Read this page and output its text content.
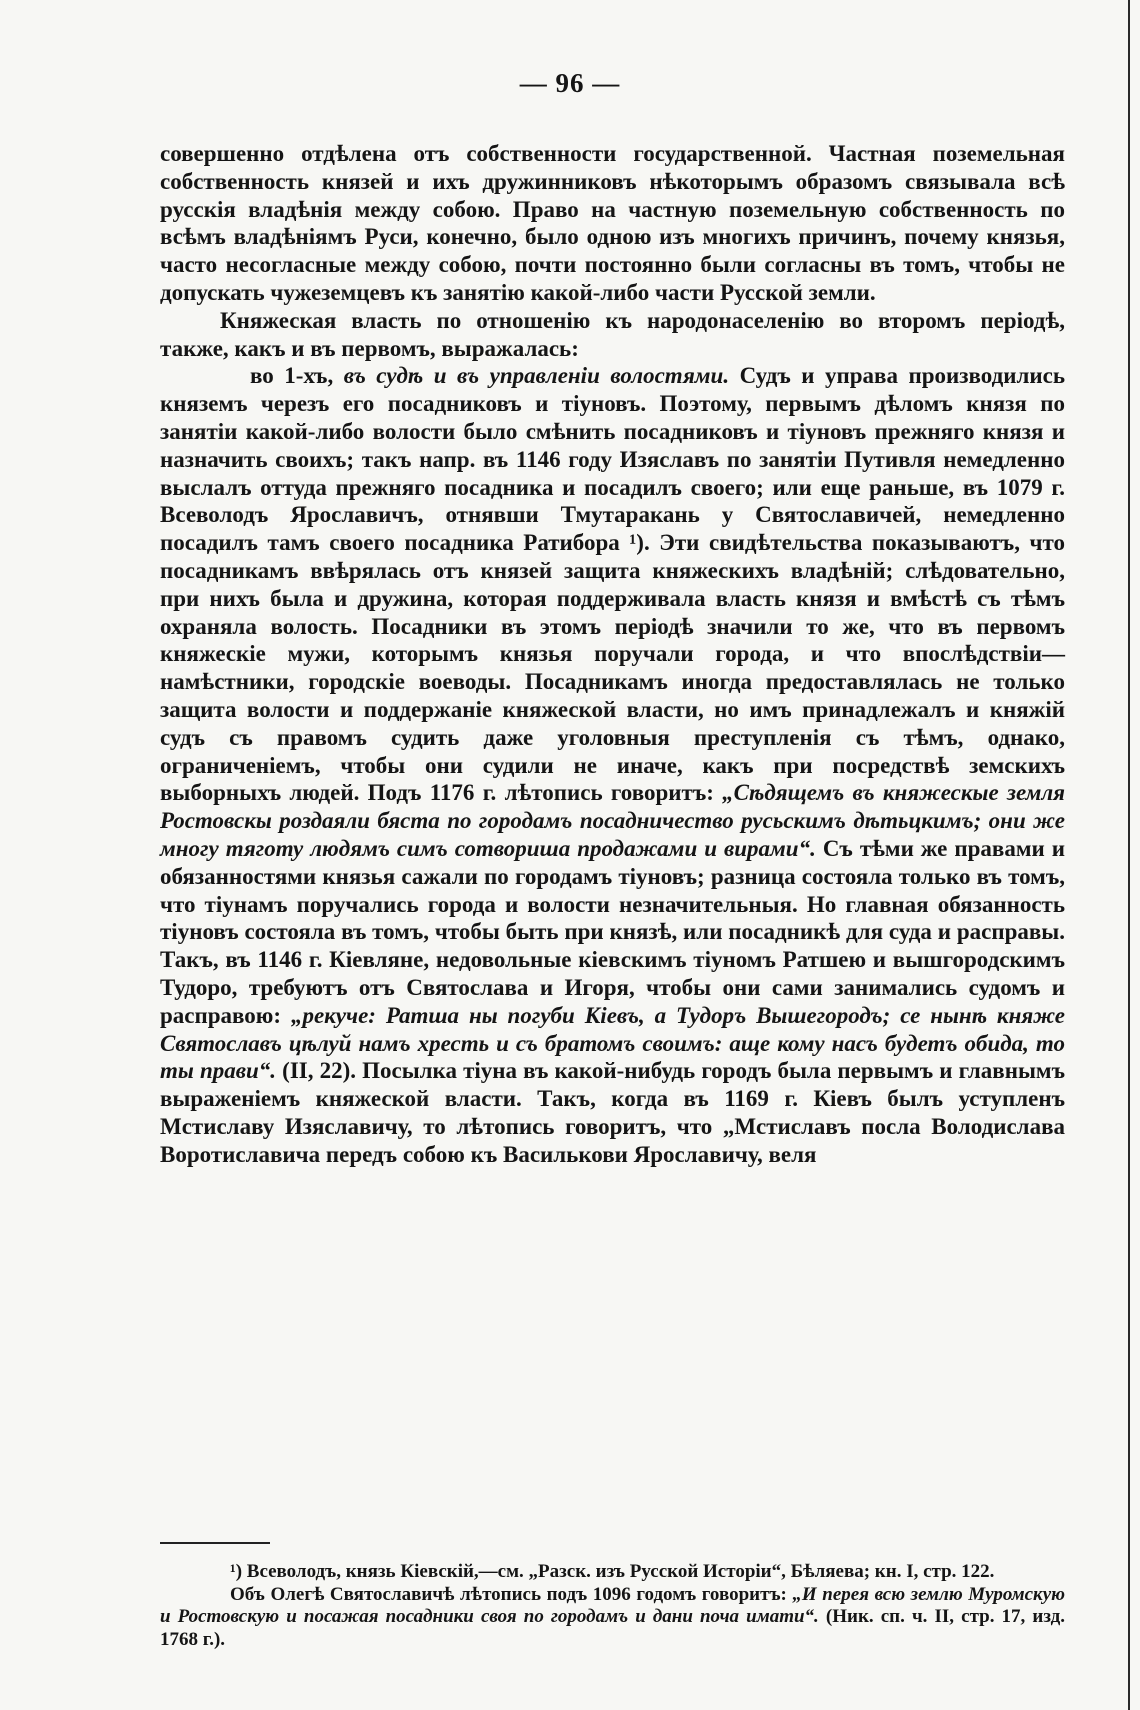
— 96 —

совершенно отдѣлена отъ собственности государственной. Частная поземельная собственность князей и ихъ дружинниковъ нѣкоторымъ образомъ связывала всѣ русскія владѣнія между собою. Право на частную поземельную собственность по всѣмъ владѣніямъ Руси, конечно, было одною изъ многихъ причинъ, почему князья, часто несогласные между собою, почти постоянно были согласны въ томъ, чтобы не допускать чужеземцевъ къ занятію какой-либо части Русской земли.

Княжеская власть по отношенію къ народонаселенію во второмъ періодѣ, также, какъ и въ первомъ, выражалась:

во 1-хъ, въ судѣ и въ управленіи волостями. Судъ и управа производились княземъ черезъ его посадниковъ и тіуновъ. Поэтому, первымъ дѣломъ князя по занятіи какой-либо волости было смѣнить посадниковъ и тіуновъ прежняго князя и назначить своихъ; такъ напр. въ 1146 году Изяславъ по занятіи Путивля немедленно выслалъ оттуда прежняго посадника и посадилъ своего; или еще раньше, въ 1079 г. Всеволодъ Ярославичъ, отнявши Тмутаракань у Святославичей, немедленно посадилъ тамъ своего посадника Ратибора ¹). Эти свидѣтельства показываютъ, что посадникамъ ввѣрялась отъ князей защита княжескихъ владѣній; слѣдовательно, при нихъ была и дружина, которая поддерживала власть князя и вмѣстѣ съ тѣмъ охраняла волость. Посадники въ этомъ періодѣ значили то же, что въ первомъ княжескіе мужи, которымъ князья поручали города, и что впослѣдствіи—намѣстники, городскіе воеводы. Посадникамъ иногда предоставлялась не только защита волости и поддержаніе княжеской власти, но имъ принадлежалъ и княжій судъ съ правомъ судить даже уголовныя преступленія съ тѣмъ, однако, ограниченіемъ, чтобы они судили не иначе, какъ при посредствѣ земскихъ выборныхъ людей. Подъ 1176 г. лѣтопись говоритъ: „Сѣдящемъ въ княжескые земля Ростовскы роздаяли бяста по городамъ посадничество русьскимъ дѣтьцкимъ; они же многу тяготу людямъ симъ сотвориша продажами и вирами“. Съ тѣми же правами и обязанностями князья сажали по городамъ тіуновъ; разница состояла только въ томъ, что тіунамъ поручались города и волости незначительныя. Но главная обязанность тіуновъ состояла въ томъ, чтобы быть при князѣ, или посадникѣ для суда и расправы. Такъ, въ 1146 г. Кіевляне, недовольные кіевскимъ тіуномъ Ратшею и вышгородскимъ Тудоро, требуютъ отъ Святослава и Игоря, чтобы они сами занимались судомъ и расправою: „рекуче: Ратша ны погуби Кіевъ, а Тудоръ Вышегородъ; се нынѣ княже Святославъ цѣлуй намъ хресть и съ братомъ своимъ: аще кому насъ будетъ обида, то ты прави“. (II, 22). Посылка тіуна въ какой-нибудь городъ была первымъ и главнымъ выраженіемъ княжеской власти. Такъ, когда въ 1169 г. Кіевъ былъ уступленъ Мстиславу Изяславичу, то лѣтопись говоритъ, что „Мстиславъ посла Володислава Воротиславича передъ собою къ Василькови Ярославичу, веля

¹) Всеволодъ, князь Кіевскій,—см. „Разск. изъ Русской Исторіи“, Бѣляева; кн. I, стр. 122.

Объ Олегѣ Святославичѣ лѣтопись подъ 1096 годомъ говоритъ: „И перея всю землю Муромскую и Ростовскую и посажая посадники своя по городамъ и дани поча имати“. (Ник. сп. ч. II, стр. 17, изд. 1768 г.).
